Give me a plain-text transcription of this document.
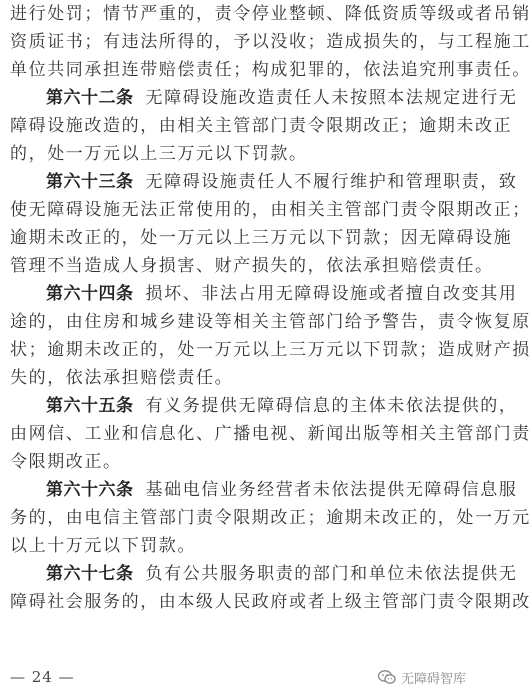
进行处罚；情节严重的，责令停业整顿、降低资质等级或者吊销
资质证书；有违法所得的，予以没收；造成损失的，与工程施工
单位共同承担连带赔偿责任；构成犯罪的，依法追究刑事责任。
第六十二条 无障碍设施改造责任人未按照本法规定进行无
障碍设施改造的，由相关主管部门责令限期改正；逾期未改正
的，处一万元以上三万元以下罚款。
第六十三条 无障碍设施责任人不履行维护和管理职责，致
使无障碍设施无法正常使用的，由相关主管部门责令限期改正；
逾期未改正的，处一万元以上三万元以下罚款；因无障碍设施
管理不当造成人身损害、财产损失的，依法承担赔偿责任。
第六十四条 损坏、非法占用无障碍设施或者擅自改变其用
途的，由住房和城乡建设等相关主管部门给予警告，责令恢复原
状；逾期未改正的，处一万元以上三万元以下罚款；造成财产损
失的，依法承担赔偿责任。
第六十五条 有义务提供无障碍信息的主体未依法提供的，
由网信、工业和信息化、广播电视、新闻出版等相关主管部门责
令限期改正。
第六十六条 基础电信业务经营者未依法提供无障碍信息服
务的，由电信主管部门责令限期改正；逾期未改正的，处一万元
以上十万元以下罚款。
第六十七条 负有公共服务职责的部门和单位未依法提供无
障碍社会服务的，由本级人民政府或者上级主管部门责令限期改
— 24 —	无障碍智库
